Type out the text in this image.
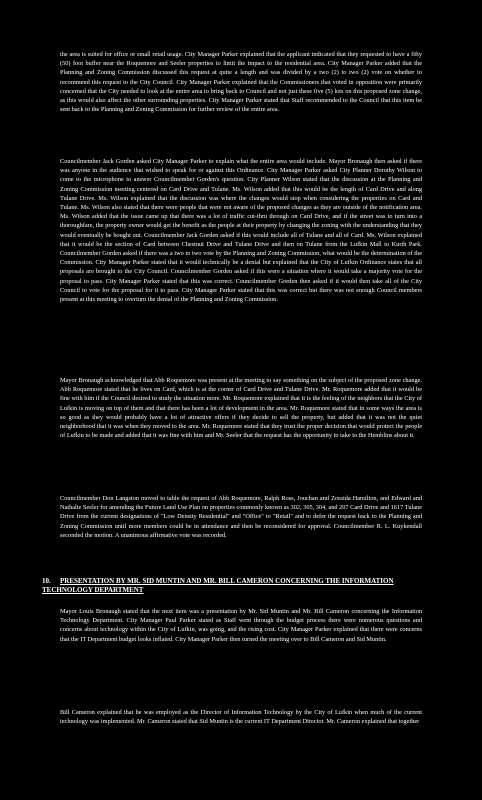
the area is suited for office or small retail usage. City Manager Parker explained that the applicant indicated that they requested to have a fifty (50) foot buffer near the Roquemore and Seeler properties to limit the impact to the residential area. City Manager Parker added that the Planning and Zoning Commission discussed this request at quite a length and was divided by a two (2) to two (2) vote on whether to recommend this request to the City Council. City Manager Parker explained that the Commissioners that voted in opposition were primarily concerned that the City needed to look at the entire area to bring back to Council and not just these five (5) lots on this proposed zone change, as this would also affect the other surrounding properties. City Manager Parker stated that Staff recommended to the Council that this item be sent back to the Planning and Zoning Commission for further review of the entire area.

Councilmember Jack Gorden asked City Manager Parker to explain what the entire area would include. Mayor Bronaugh then asked if there was anyone in the audience that wished to speak for or against this Ordinance. City Manager Parker asked City Planner Dorothy Wilson to come to the microphone to answer Councilmember Gorden's question. City Planner Wilson stated that the discussion at the Planning and Zoning Commission meeting centered on Card Drive and Tulane. Ms. Wilson added that this would be the length of Card Drive and along Tulane Drive. Ms. Wilson explained that the discussion was where the changes would stop when considering the properties on Card and Tulane. Ms. Wilson also stated that there were people that were not aware of the proposed changes as they are outside of the notification area. Ms. Wilson added that the issue came up that there was a lot of traffic cut-thru through on Card Drive, and if the street was to turn into a thoroughfare, the property owner would get the benefit as the people at their property by changing the zoning with the understanding that they would eventually be bought out. Councilmember Jack Gorden asked if this would include all of Tulane and all of Card. Ms. Wilson explained that it would be the section of Card between Chestnut Drive and Tulane Drive and then on Tulane from the Lufkin Mall to Kurth Park. Councilmember Gorden asked if there was a two to two vote by the Planning and Zoning Commission, what would be the determination of the Commission. City Manager Parker stated that it would technically be a denial but explained that the City of Lufkin Ordinance states that all proposals are brought to the City Council. Councilmember Gorden asked if this were a situation where it would take a majority vote for the proposal to pass. City Manager Parker stated that this was correct. Councilmember Gorden then asked if it would then take all of the City Council to vote for the proposal for it to pass. City Manager Parker stated that this was correct but there was not enough Council members present at this meeting to overturn the denial of the Planning and Zoning Commission.

Mayor Bronaugh acknowledged that Abb Roquemore was present at the meeting to say something on the subject of the proposed zone change. Abb Roquemore stated that he lives on Card, which is at the corner of Card Drive and Tulane Drive. Mr. Roquemore added that it would be fine with him if the Council desired to study the situation more. Mr. Roquemore explained that it is the feeling of the neighbors that the City of Lufkin is moving on top of them and that there has been a lot of development in the area. Mr. Roquemore stated that in some ways the area is so good as they would probably have a lot of attractive offers if they decide to sell the property, but added that it was not the quiet neighborhood that it was when they moved to the area. Mr. Roquemore stated that they trust the proper decision that would protect the people of Lufkin to be made and added that it was fine with him and Mr. Seeler that the request has the opportunity to take to the Hemblins about it.

Councilmember Don Langston moved to table the request of Abb Roquemore, Ralph Ross, Jouchan and Zoraida Hamilton, and Edward and Nathalie Seeler for amending the Future Land Use Plan on properties commonly known as 302, 305, 304, and 207 Card Drive and 1617 Tulane Drive from the current designations of "Low Density Residential" and "Office" to "Retail" and to defer the request back to the Planning and Zoning Commission until more members could be in attendance and then be reconsidered for approval. Councilmember R. L. Kuykendall seconded the motion. A unanimous affirmative vote was recorded.

10. PRESENTATION BY MR. SID MUNTIN AND MR. BILL CAMERON CONCERNING THE INFORMATION TECHNOLOGY DEPARTMENT

Mayor Louis Bronaugh stated that the next item was a presentation by Mr. Sid Muntin and Mr. Bill Cameron concerning the Information Technology Department. City Manager Paul Parker stated as Staff went through the budget process there were numerous questions and concerns about technology within the City of Lufkin, was going, and the rising cost. City Manager Parker explained that there were concerns that the IT Department budget looks inflated. City Manager Parker then turned the meeting over to Bill Cameron and Sid Muntin.

Bill Cameron explained that he was employed as the Director of Information Technology by the City of Lufkin when much of the current technology was implemented. Mr. Cameron stated that Sid Muntin is the current IT Department Director. Mr. Cameron explained that together
